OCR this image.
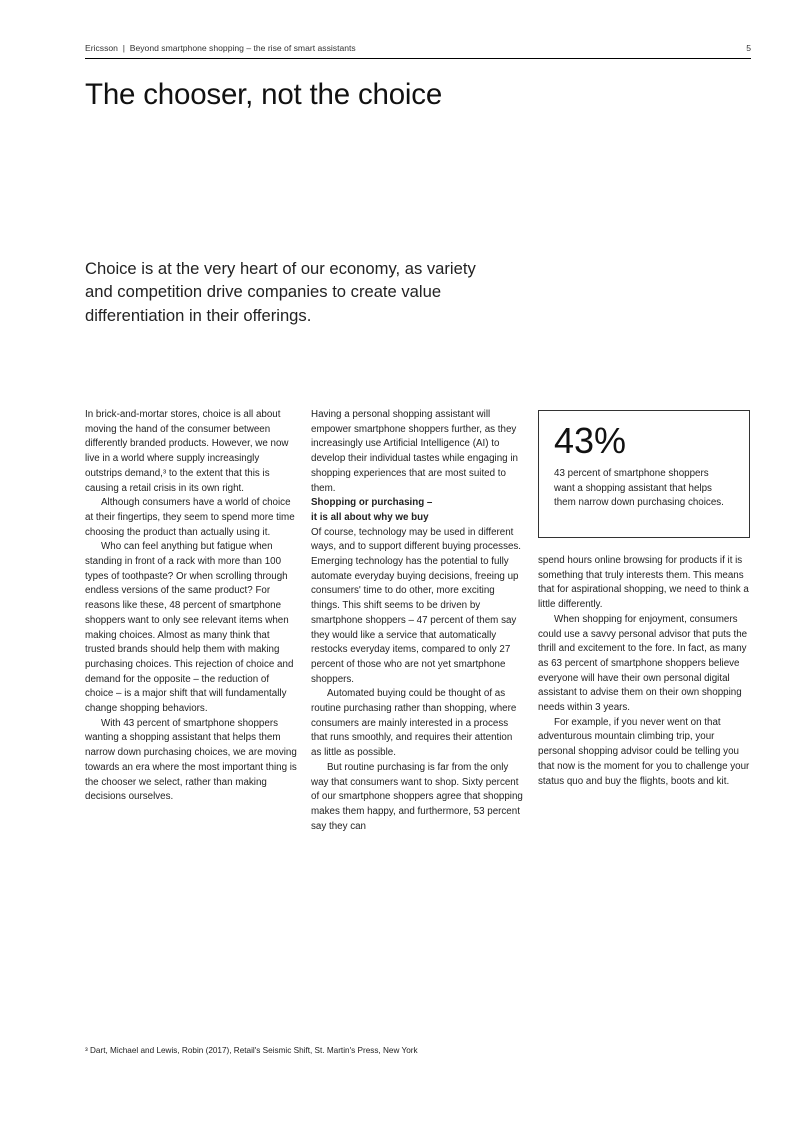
Ericsson | Beyond smartphone shopping – the rise of smart assistants	5
The chooser, not the choice

Choice is at the very heart of our economy, as variety and competition drive companies to create value differentiation in their offerings.

In brick-and-mortar stores, choice is all about moving the hand of the consumer between differently branded products. However, we now live in a world where supply increasingly outstrips demand,³ to the extent that this is causing a retail crisis in its own right.

Although consumers have a world of choice at their fingertips, they seem to spend more time choosing the product than actually using it.

Who can feel anything but fatigue when standing in front of a rack with more than 100 types of toothpaste? Or when scrolling through endless versions of the same product? For reasons like these, 48 percent of smartphone shoppers want to only see relevant items when making choices. Almost as many think that trusted brands should help them with making purchasing choices. This rejection of choice and demand for the opposite – the reduction of choice – is a major shift that will fundamentally change shopping behaviors.

With 43 percent of smartphone shoppers wanting a shopping assistant that helps them narrow down purchasing choices, we are moving towards an era where the most important thing is the chooser we select, rather than making decisions ourselves.

Having a personal shopping assistant will empower smartphone shoppers further, as they increasingly use Artificial Intelligence (AI) to develop their individual tastes while engaging in shopping experiences that are most suited to them.

Shopping or purchasing –
it is all about why we buy

Of course, technology may be used in different ways, and to support different buying processes. Emerging technology has the potential to fully automate everyday buying decisions, freeing up consumers' time to do other, more exciting things. This shift seems to be driven by smartphone shoppers – 47 percent of them say they would like a service that automatically restocks everyday items, compared to only 27 percent of those who are not yet smartphone shoppers.

Automated buying could be thought of as routine purchasing rather than shopping, where consumers are mainly interested in a process that runs smoothly, and requires their attention as little as possible.

But routine purchasing is far from the only way that consumers want to shop. Sixty percent of our smartphone shoppers agree that shopping makes them happy, and furthermore, 53 percent say they can

43%

43 percent of smartphone shoppers want a shopping assistant that helps them narrow down purchasing choices.

spend hours online browsing for products if it is something that truly interests them. This means that for aspirational shopping, we need to think a little differently.

When shopping for enjoyment, consumers could use a savvy personal advisor that puts the thrill and excitement to the fore. In fact, as many as 63 percent of smartphone shoppers believe everyone will have their own personal digital assistant to advise them on their own shopping needs within 3 years.

For example, if you never went on that adventurous mountain climbing trip, your personal shopping advisor could be telling you that now is the moment for you to challenge your status quo and buy the flights, boots and kit.

³ Dart, Michael and Lewis, Robin (2017), Retail's Seismic Shift, St. Martin's Press, New York
